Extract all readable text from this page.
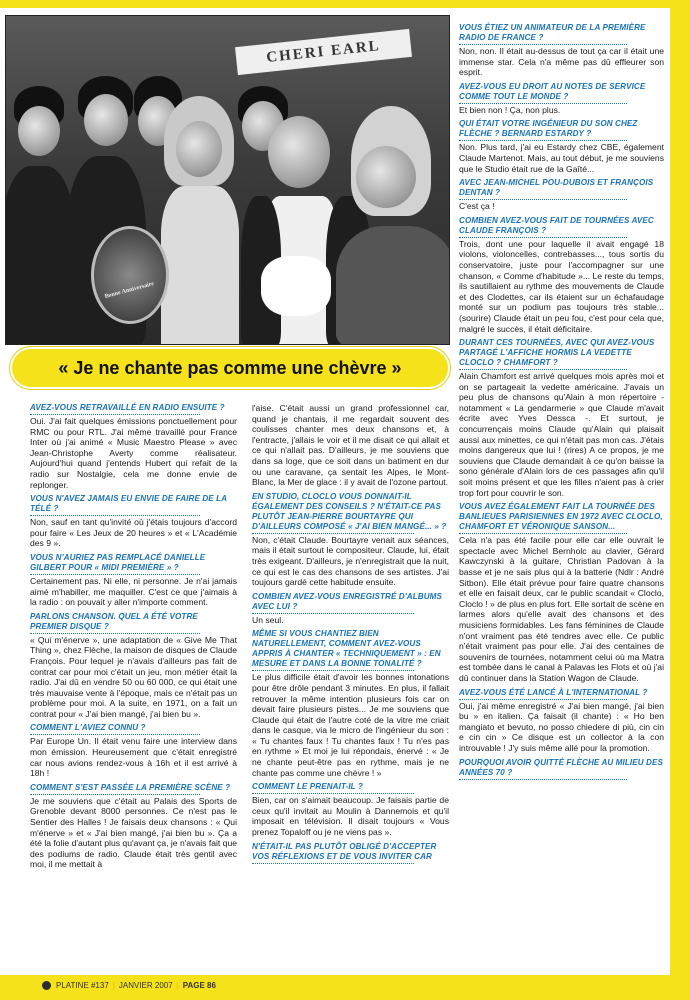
CHERI EARL
Bonne Anniversaire
« Je ne chante pas comme une chèvre »
AVEZ-VOUS RETRAVAILLÉ EN RADIO ENSUITE ?
Oui. J'ai fait quelques émissions ponctuellement pour RMC ou pour RTL. J'ai même travaillé pour France Inter où j'ai animé « Music Maestro Please » avec Jean-Christophe Averty comme réalisateur. Aujourd'hui quand j'entends Hubert qui refait de la radio sur Nostalgie, cela me donne envie de replonger.
VOUS N'AVEZ JAMAIS EU ENVIE DE FAIRE DE LA TÉLÉ ?
Non, sauf en tant qu'invité où j'étais toujours d'accord pour faire « Les Jeux de 20 heures » et « L'Académie des 9 ».
VOUS N'AURIEZ PAS REMPLACÉ DANIELLE GILBERT POUR « MIDI PREMIÈRE » ?
Certainement pas. Ni elle, ni personne. Je n'ai jamais aimé m'habiller, me maquiller. C'est ce que j'aimais à la radio : on pouvait y aller n'importe comment.
PARLONS CHANSON. QUEL A ÉTÉ VOTRE PREMIER DISQUE ?
« Qui m'énerve », une adaptation de « Give Me That Thing », chez Flèche, la maison de disques de Claude François. Pour lequel je n'avais d'ailleurs pas fait de contrat car pour moi c'était un jeu, mon métier était la radio. J'ai dû en vendre 50 ou 60 000, ce qui était une très mauvaise vente à l'époque, mais ce n'était pas un problème pour moi. A la suite, en 1971, on a fait un contrat pour « J'ai bien mangé, j'ai bien bu ».
COMMENT L'AVIEZ CONNU ?
Par Europe Un. Il était venu faire une interview dans mon émission. Heureusement que c'était enregistré car nous avions rendez-vous à 16h et il est arrivé à 18h !
COMMENT S'EST PASSÉE LA PREMIÈRE SCÈNE ?
Je me souviens que c'était au Palais des Sports de Grenoble devant 8000 personnes. Ce n'est pas le Sentier des Halles ! Je faisais deux chansons : « Qui m'énerve » et « J'ai bien mangé, j'ai bien bu ». Ça a été la folie d'autant plus qu'avant ça, je n'avais fait que des podiums de radio. Claude était très gentil avec moi, il me mettait à
l'aise. C'était aussi un grand professionnel car, quand je chantais, il me regardait souvent des coulisses chanter mes deux chansons et, à l'entracte, j'allais le voir et il me disait ce qui allait et ce qui n'allait pas. D'ailleurs, je me souviens que dans sa loge, que ce soit dans un batiment en dur ou une caravane, ça sentait les Alpes, le Mont-Blanc, la Mer de glace : il y avait de l'ozone partout.
EN STUDIO, CLOCLO VOUS DONNAIT-IL ÉGALEMENT DES CONSEILS ? N'ÉTAIT-CE PAS PLUTÔT JEAN-PIERRE BOURTAYRE QUI D'AILLEURS COMPOSÉ « J'AI BIEN MANGÉ... » ?
Non, c'était Claude. Bourtayre venait aux séances, mais il était surtout le compositeur. Claude, lui, était très exigeant. D'ailleurs, je n'enregistrait que la nuit, ce qui est le cas des chansons de ses artistes. J'ai toujours gardé cette habitude ensuite.
COMBIEN AVEZ-VOUS ENREGISTRÉ D'ALBUMS AVEC LUI ?
Un seul.
MÊME SI VOUS CHANTIEZ BIEN NATURELLEMENT, COMMENT AVEZ-VOUS APPRIS À CHANTER « TECHNIQUEMENT » : EN MESURE ET DANS LA BONNE TONALITÉ ?
Le plus difficile était d'avoir les bonnes intonations pour être drôle pendant 3 minutes. En plus, il fallait retrouver la même intention plusieurs fois car on devait faire plusieurs pistes... Je me souviens que Claude qui était de l'autre coté de la vitre me criait dans le casque, via le micro de l'ingénieur du son : « Tu chantes faux ! Tu chantes faux ! Tu n'es pas en rythme » Et moi je lui répondais, énervé : « Je ne chante peut-être pas en rythme, mais je ne chante pas comme une chèvre ! »
COMMENT LE PRENAIT-IL ?
Bien, car on s'aimait beaucoup. Je faisais partie de ceux qu'il invitait au Moulin à Dannemois et qu'il imposait en télévision. Il disait toujours « Vous prenez Topaloff ou je ne viens pas ».
N'ÉTAIT-IL PAS PLUTÔT OBLIGÉ D'ACCEPTER VOS RÉFLEXIONS ET DE VOUS INVITER CAR
VOUS ÉTIEZ UN ANIMATEUR DE LA PREMIÈRE RADIO DE FRANCE ?
Non, non. Il était au-dessus de tout ça car il était une immense star. Cela n'a même pas dû effleurer son esprit.
AVEZ-VOUS EU DROIT AU NOTES DE SERVICE COMME TOUT LE MONDE ?
Et bien non ! Ça, non plus.
QUI ÉTAIT VOTRE INGÉNIEUR DU SON CHEZ FLÈCHE ? BERNARD ESTARDY ?
Non. Plus tard, j'ai eu Estardy chez CBE, également Claude Martenot. Mais, au tout début, je me souviens que le Studio était rue de la Gaîté...
AVEC JEAN-MICHEL POU-DUBOIS ET FRANÇOIS DENTAN ?
C'est ça !
COMBIEN AVEZ-VOUS FAIT DE TOURNÉES AVEC CLAUDE FRANÇOIS ?
Trois, dont une pour laquelle il avait engagé 18 violons, violoncelles, contrebasses..., tous sortis du conservatoire, juste pour l'accompagner sur une chanson, « Comme d'habitude »... Le reste du temps, ils sautillaient au rythme des mouvements de Claude et des Clodettes, car ils étaient sur un échafaudage monté sur un podium pas toujours très stable... (sourire) Claude était un peu fou, c'est pour cela que, malgré le succès, il était déficitaire.
DURANT CES TOURNÉES, AVEC QUI AVEZ-VOUS PARTAGÉ L'AFFICHE HORMIS LA VEDETTE CLOCLO ? CHAMFORT ?
Alain Chamfort est arrivé quelques mois après moi et on se partageait la vedette américaine. J'avais un peu plus de chansons qu'Alain à mon répertoire - notamment « La gendarmerie » que Claude m'avait écrite avec Yves Dessca -. Et surtout, je concurrençais moins Claude qu'Alain qui plaisait aussi aux minettes, ce qui n'était pas mon cas. J'étais moins dangereux que lui ! (rires) A ce propos, je me souviens que Claude demandait à ce qu'on baisse la sono générale d'Alain lors de ces passages afin qu'il soit moins présent et que les filles n'aient pas à crier trop fort pour couvrir le son.
VOUS AVEZ ÉGALEMENT FAIT LA TOURNÉE DES BANLIEUES PARISIENNES EN 1972 AVEC CLOCLO, CHAMFORT ET VÉRONIQUE SANSON...
Cela n'a pas été facile pour elle car elle ouvrait le spectacle avec Michel Bernholc au clavier, Gérard Kawczynski à la guitare, Christian Padovan à la basse et je ne sais plus qui à la batterie (Ndlr : André Sitbon). Elle était prévue pour faire quatre chansons et elle en faisait deux, car le public scandait « Cloclo, Cloclo ! » de plus en plus fort. Elle sortait de scène en larmes alors qu'elle avait des chansons et des musiciens formidables. Les fans féminines de Claude n'ont vraiment pas été tendres avec elle. Ce public n'était vraiment pas pour elle. J'ai des centaines de souvenirs de tournées, notamment celui où ma Matra est tombée dans le canal à Palavas les Flots et où j'ai dû continuer dans la Station Wagon de Claude.
AVEZ-VOUS ÉTÉ LANCÉ À L'INTERNATIONAL ?
Oui, j'ai même enregistré « J'ai bien mangé, j'ai bien bu » en italien. Ça faisait (il chante) : « Ho ben mangiato et bevuto, no posso chiedere di più, cin cin e cin cin » Ce disque est un collector à la con introuvable ! J'y suis même allé pour la promotion.
POURQUOI AVOIR QUITTÉ FLÈCHE AU MILIEU DES ANNÉES 70 ?
PLATINE #137 | JANVIER 2007 | PAGE 86
